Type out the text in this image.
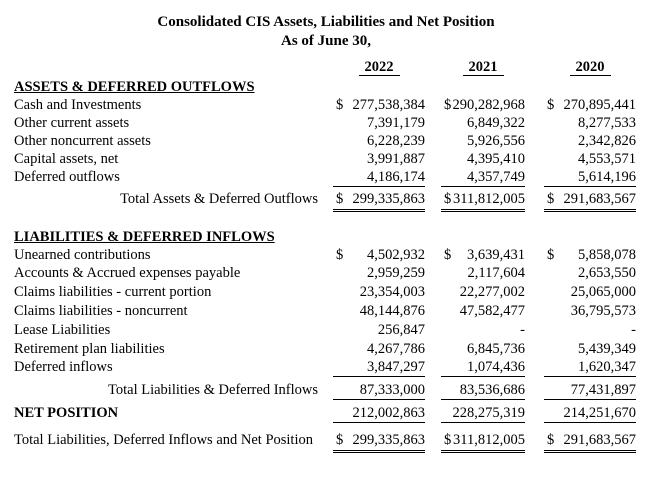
Consolidated CIS Assets, Liabilities and Net Position
As of June 30,
2022	2021	2020
ASSETS & DEFERRED OUTFLOWS
Cash and Investments	$ 277,538,384 $ 290,282,968 $ 270,895,441
Other current assets	7,391,179	6,849,322	8,277,533
Other noncurrent assets	6,228,239	5,926,556	2,342,826
Capital assets, net	3,991,887	4,395,410	4,553,571
Deferred outflows	4,186,174	4,357,749	5,614,196
Total Assets & Deferred Outflows $ 299,335,863 $ 311,812,005 $ 291,683,567
LIABILITIES & DEFERRED INFLOWS
Unearned contributions	$ 4,502,932 $ 3,639,431 $ 5,858,078
Accounts & Accrued expenses payable	2,959,259	2,117,604	2,653,550
Claims liabilities - current portion	23,354,003 22,277,002	25,065,000
Claims liabilities - noncurrent	48,144,876 47,582,477	36,795,573
Lease Liabilities	256,847	-	-
Retirement plan liabilities	4,267,786	6,845,736	5,439,349
Deferred inflows	3,847,297	1,074,436	1,620,347
Total Liabilities & Deferred Inflows	87,333,000 83,536,686	77,431,897
NET POSITION	212,002,863 228,275,319	214,251,670
Total Liabilities, Deferred Inflows and Net Position $ 299,335,863 $ 311,812,005 $ 291,683,567
